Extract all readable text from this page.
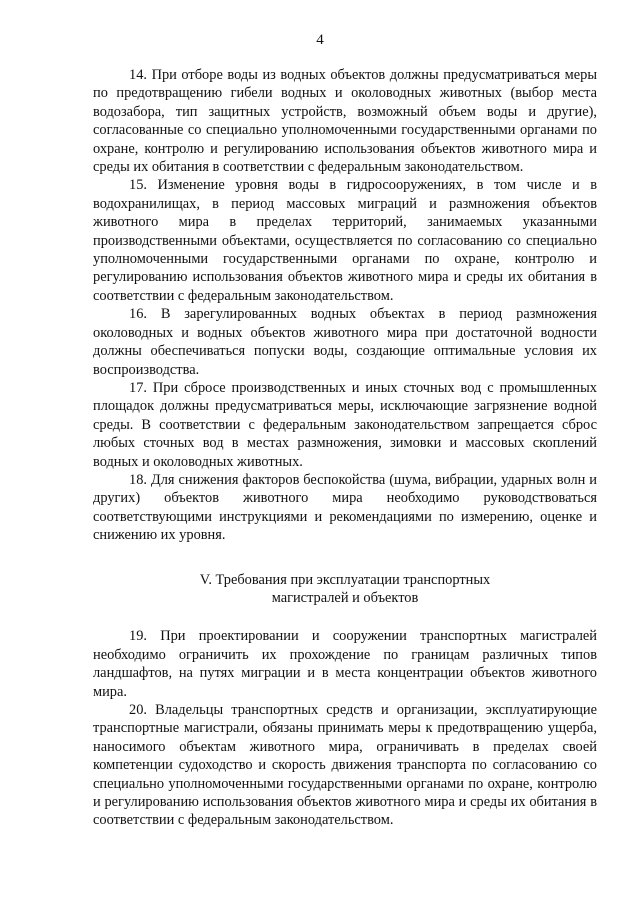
4

14. При отборе воды из водных объектов должны предусматриваться меры по предотвращению гибели водных и околоводных животных (выбор места водозабора, тип защитных устройств, возможный объем воды и другие), согласованные со специально уполномоченными государственными органами по охране, контролю и регулированию использования объектов животного мира и среды их обитания в соответствии с федеральным законодательством.

15. Изменение уровня воды в гидросооружениях, в том числе и в водохранилищах, в период массовых миграций и размножения объектов животного мира в пределах территорий, занимаемых указанными производственными объектами, осуществляется по согласованию со специально уполномоченными государственными органами по охране, контролю и регулированию использования объектов животного мира и среды их обитания в соответствии с федеральным законодательством.

16. В зарегулированных водных объектах в период размножения околоводных и водных объектов животного мира при достаточной водности должны обеспечиваться попуски воды, создающие оптимальные условия их воспроизводства.

17. При сбросе производственных и иных сточных вод с промышленных площадок должны предусматриваться меры, исключающие загрязнение водной среды. В соответствии с федеральным законодательством запрещается сброс любых сточных вод в местах размножения, зимовки и массовых скоплений водных и околоводных животных.

18. Для снижения факторов беспокойства (шума, вибрации, ударных волн и других) объектов животного мира необходимо руководствоваться соответствующими инструкциями и рекомендациями по измерению, оценке и снижению их уровня.

V. Требования при эксплуатации транспортных
магистралей и объектов

19. При проектировании и сооружении транспортных магистралей необходимо ограничить их прохождение по границам различных типов ландшафтов, на путях миграции и в места концентрации объектов животного мира.

20. Владельцы транспортных средств и организации, эксплуатирующие транспортные магистрали, обязаны принимать меры к предотвращению ущерба, наносимого объектам животного мира, ограничивать в пределах своей компетенции судоходство и скорость движения транспорта по согласованию со специально уполномоченными государственными органами по охране, контролю и регулированию использования объектов животного мира и среды их обитания в соответствии с федеральным законодательством.
